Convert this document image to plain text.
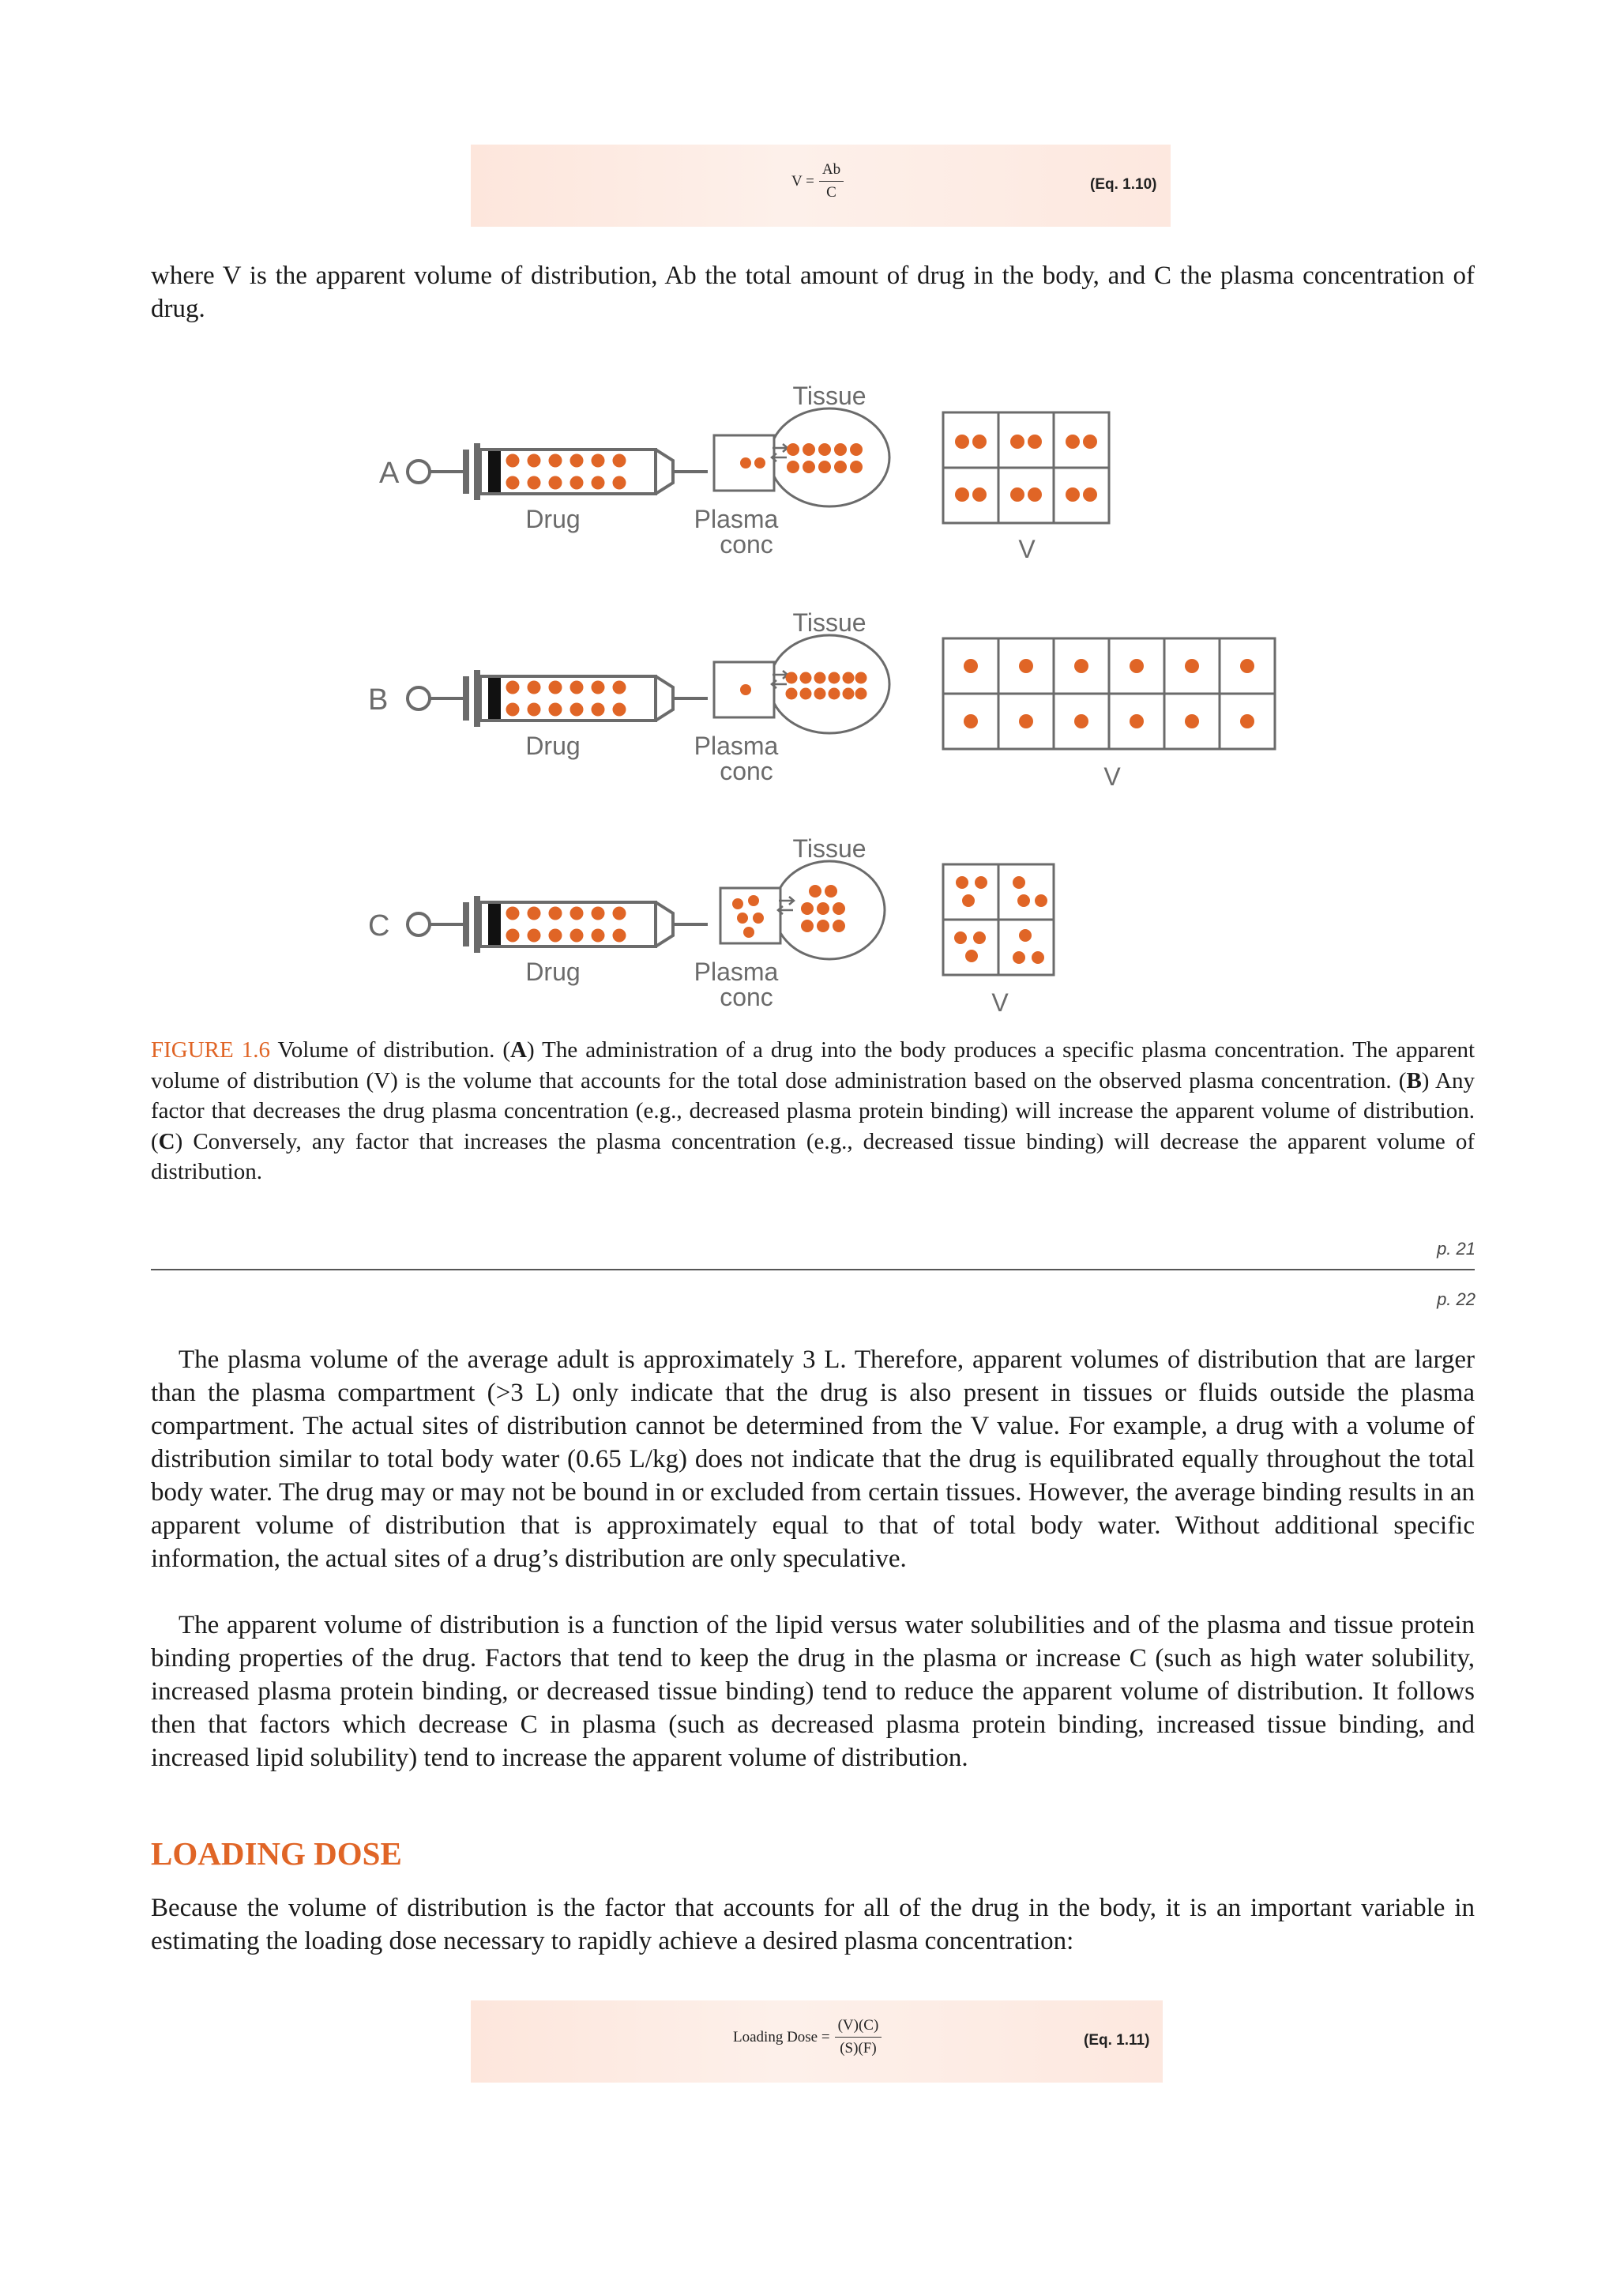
$V = \frac{Ab}{C}$	(Eq. 1.10)

where V is the apparent volume of distribution, Ab the total amount of drug in the body, and C the plasma concentration of drug.

A
Drug
Tissue
Plasma
conc	V
B
Drug
Tissue
Plasma
conc	V
C
Drug
Tissue
Plasma
conc	V

FIGURE 1.6 Volume of distribution. (A) The administration of a drug into the body produces a specific plasma concentration. The apparent volume of distribution (V) is the volume that accounts for the total dose administration based on the observed plasma concentration. (B) Any factor that decreases the drug plasma concentration (e.g., decreased plasma protein binding) will increase the apparent volume of distribution. (C) Conversely, any factor that increases the plasma concentration (e.g., decreased tissue binding) will decrease the apparent volume of distribution.

p. 21
p. 22

The plasma volume of the average adult is approximately 3 L. Therefore, apparent volumes of distribution that are larger than the plasma compartment (>3 L) only indicate that the drug is also present in tissues or fluids outside the plasma compartment. The actual sites of distribution cannot be determined from the V value. For example, a drug with a volume of distribution similar to total body water (0.65 L/kg) does not indicate that the drug is equilibrated equally throughout the total body water. The drug may or may not be bound in or excluded from certain tissues. However, the average binding results in an apparent volume of distribution that is approximately equal to that of total body water. Without additional specific information, the actual sites of a drug’s distribution are only speculative.

The apparent volume of distribution is a function of the lipid versus water solubilities and of the plasma and tissue protein binding properties of the drug. Factors that tend to keep the drug in the plasma or increase C (such as high water solubility, increased plasma protein binding, or decreased tissue binding) tend to reduce the apparent volume of distribution. It follows then that factors which decrease C in plasma (such as decreased plasma protein binding, increased tissue binding, and increased lipid solubility) tend to increase the apparent volume of distribution.

LOADING DOSE

Because the volume of distribution is the factor that accounts for all of the drug in the body, it is an important variable in estimating the loading dose necessary to rapidly achieve a desired plasma concentration:

Loading Dose = $\frac{(V)(C)}{(S)(F)}$	(Eq. 1.11)
